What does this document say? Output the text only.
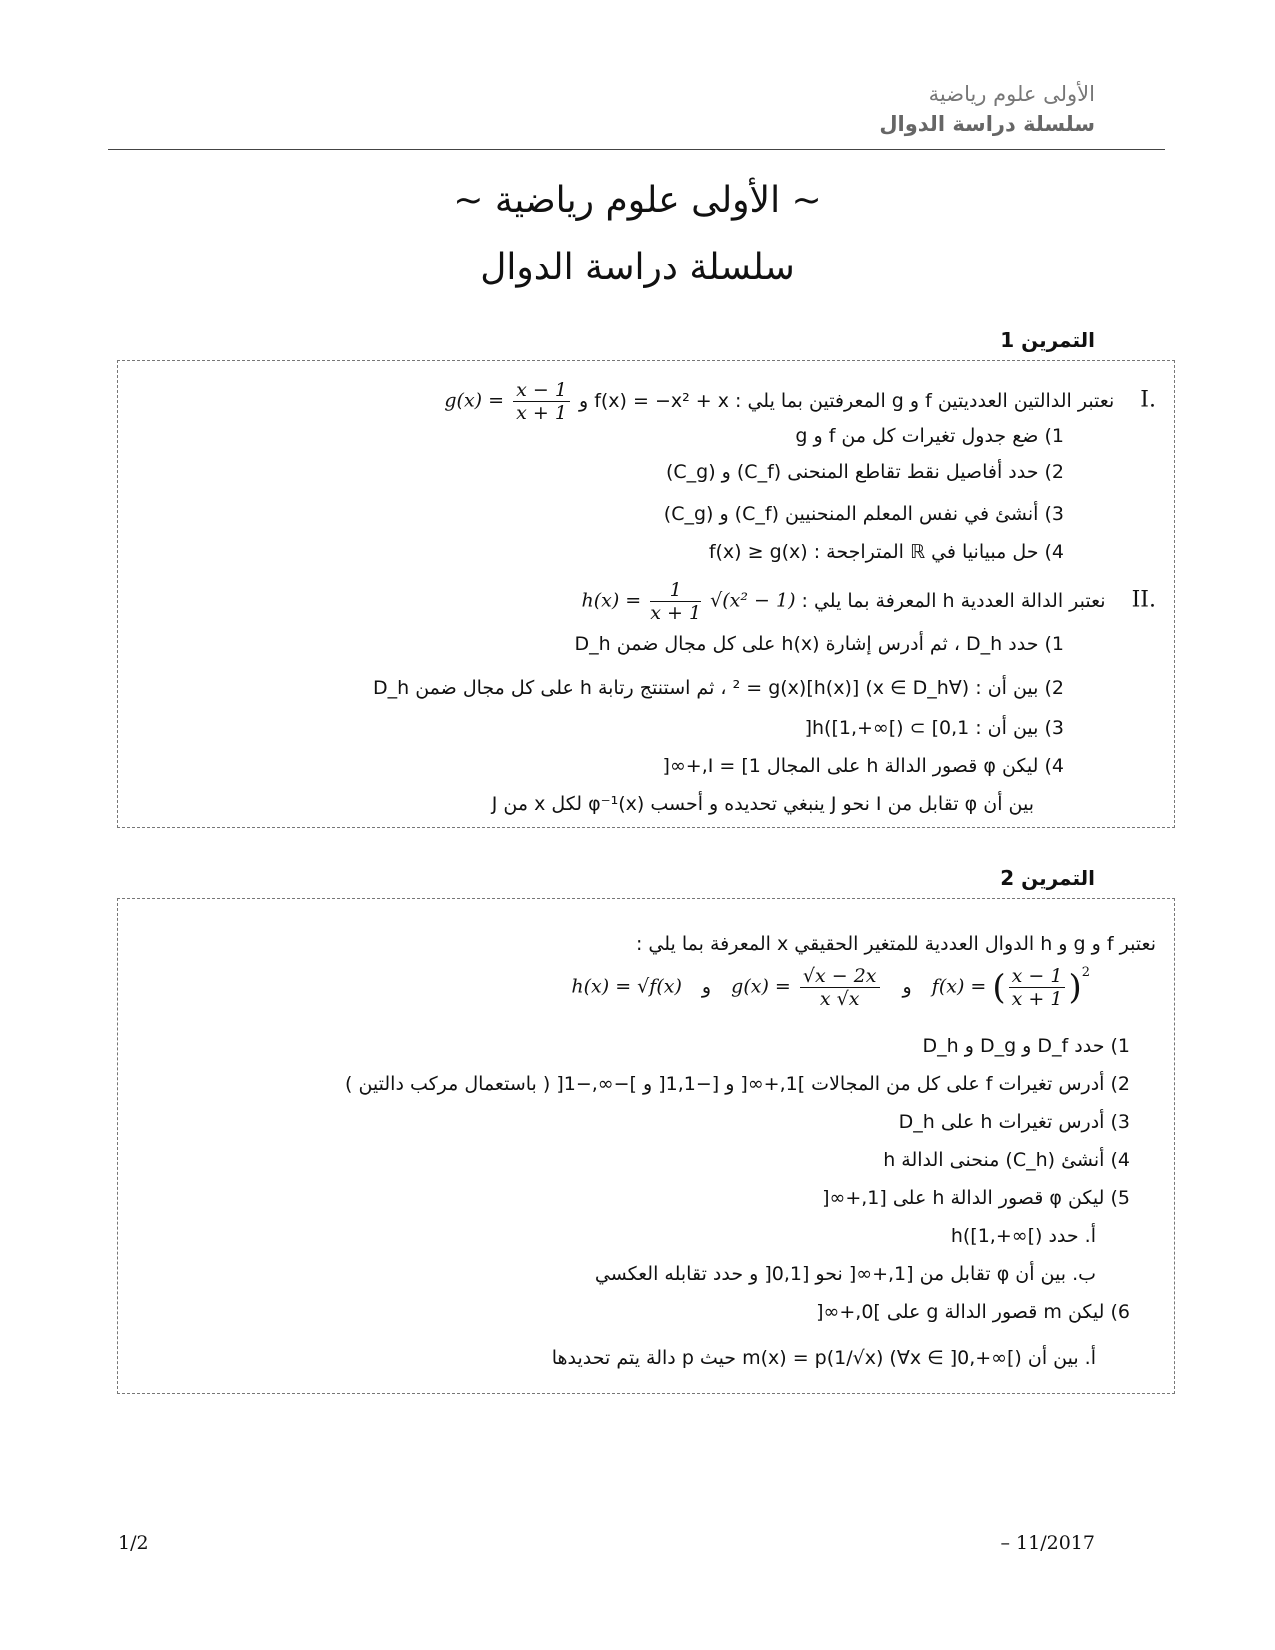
الأولى علوم رياضية
سلسلة دراسة الدوال
~ الأولى علوم رياضية ~
سلسلة دراسة الدوال
التمرين 1
.I نعتبر الدالتين العدديتين f و g المعرفتين بما يلي : f(x) = −x² + x و $g(x) = \frac{x - 1}{x + 1}$
1) ضع جدول تغيرات كل من f و g
2) حدد أفاصيل نقط تقاطع المنحنى (C_f) و (C_g)
3) أنشئ في نفس المعلم المنحنيين (C_f) و (C_g)
4) حل مبيانيا في ℝ المتراجحة : f(x) ≥ g(x)
.II نعتبر الدالة العددية h المعرفة بما يلي : $h(x) = \frac{1}{x + 1} √(x^2 - 1)$
1) حدد D_h ، ثم أدرس إشارة h(x) على كل مجال ضمن D_h
2) بين أن : (∀x ∈ D_h) [h(x)]² = g(x) ، ثم استنتج رتابة h على كل مجال ضمن D_h
3) بين أن : h([1,+∞[) ⊂ [0,1[
4) ليكن φ قصور الدالة h على المجال I = [1,+∞[
بين أن φ تقابل من I نحو J ينبغي تحديده و أحسب φ⁻¹(x) لكل x من J
التمرين 2
نعتبر f و g و h الدوال العددية للمتغير الحقيقي x المعرفة بما يلي :
h(x) = √f(x) و $g(x) = \frac{√x - 2x}{x √x}$ و f(x) = ( $\frac{x - 1}{x + 1} )^2$
1) حدد D_f و D_g و D_h
2) أدرس تغيرات f على كل من المجالات ]1,+∞[ و [−1,1[ و ]−∞,−1[ ( باستعمال مركب دالتين )
3) أدرس تغيرات h على D_h
4) أنشئ (C_h) منحنى الدالة h
5) ليكن φ قصور الدالة h على [1,+∞[
أ. حدد h([1,+∞[)
ب. بين أن φ تقابل من [1,+∞[ نحو [0,1[ و حدد تقابله العكسي
6) ليكن m قصور الدالة g على ]0,+∞[
أ. بين أن m(x) = p(1/√x) (∀x ∈ ]0,+∞[) حيث p دالة يتم تحديدها
1/2	– 11/2017
